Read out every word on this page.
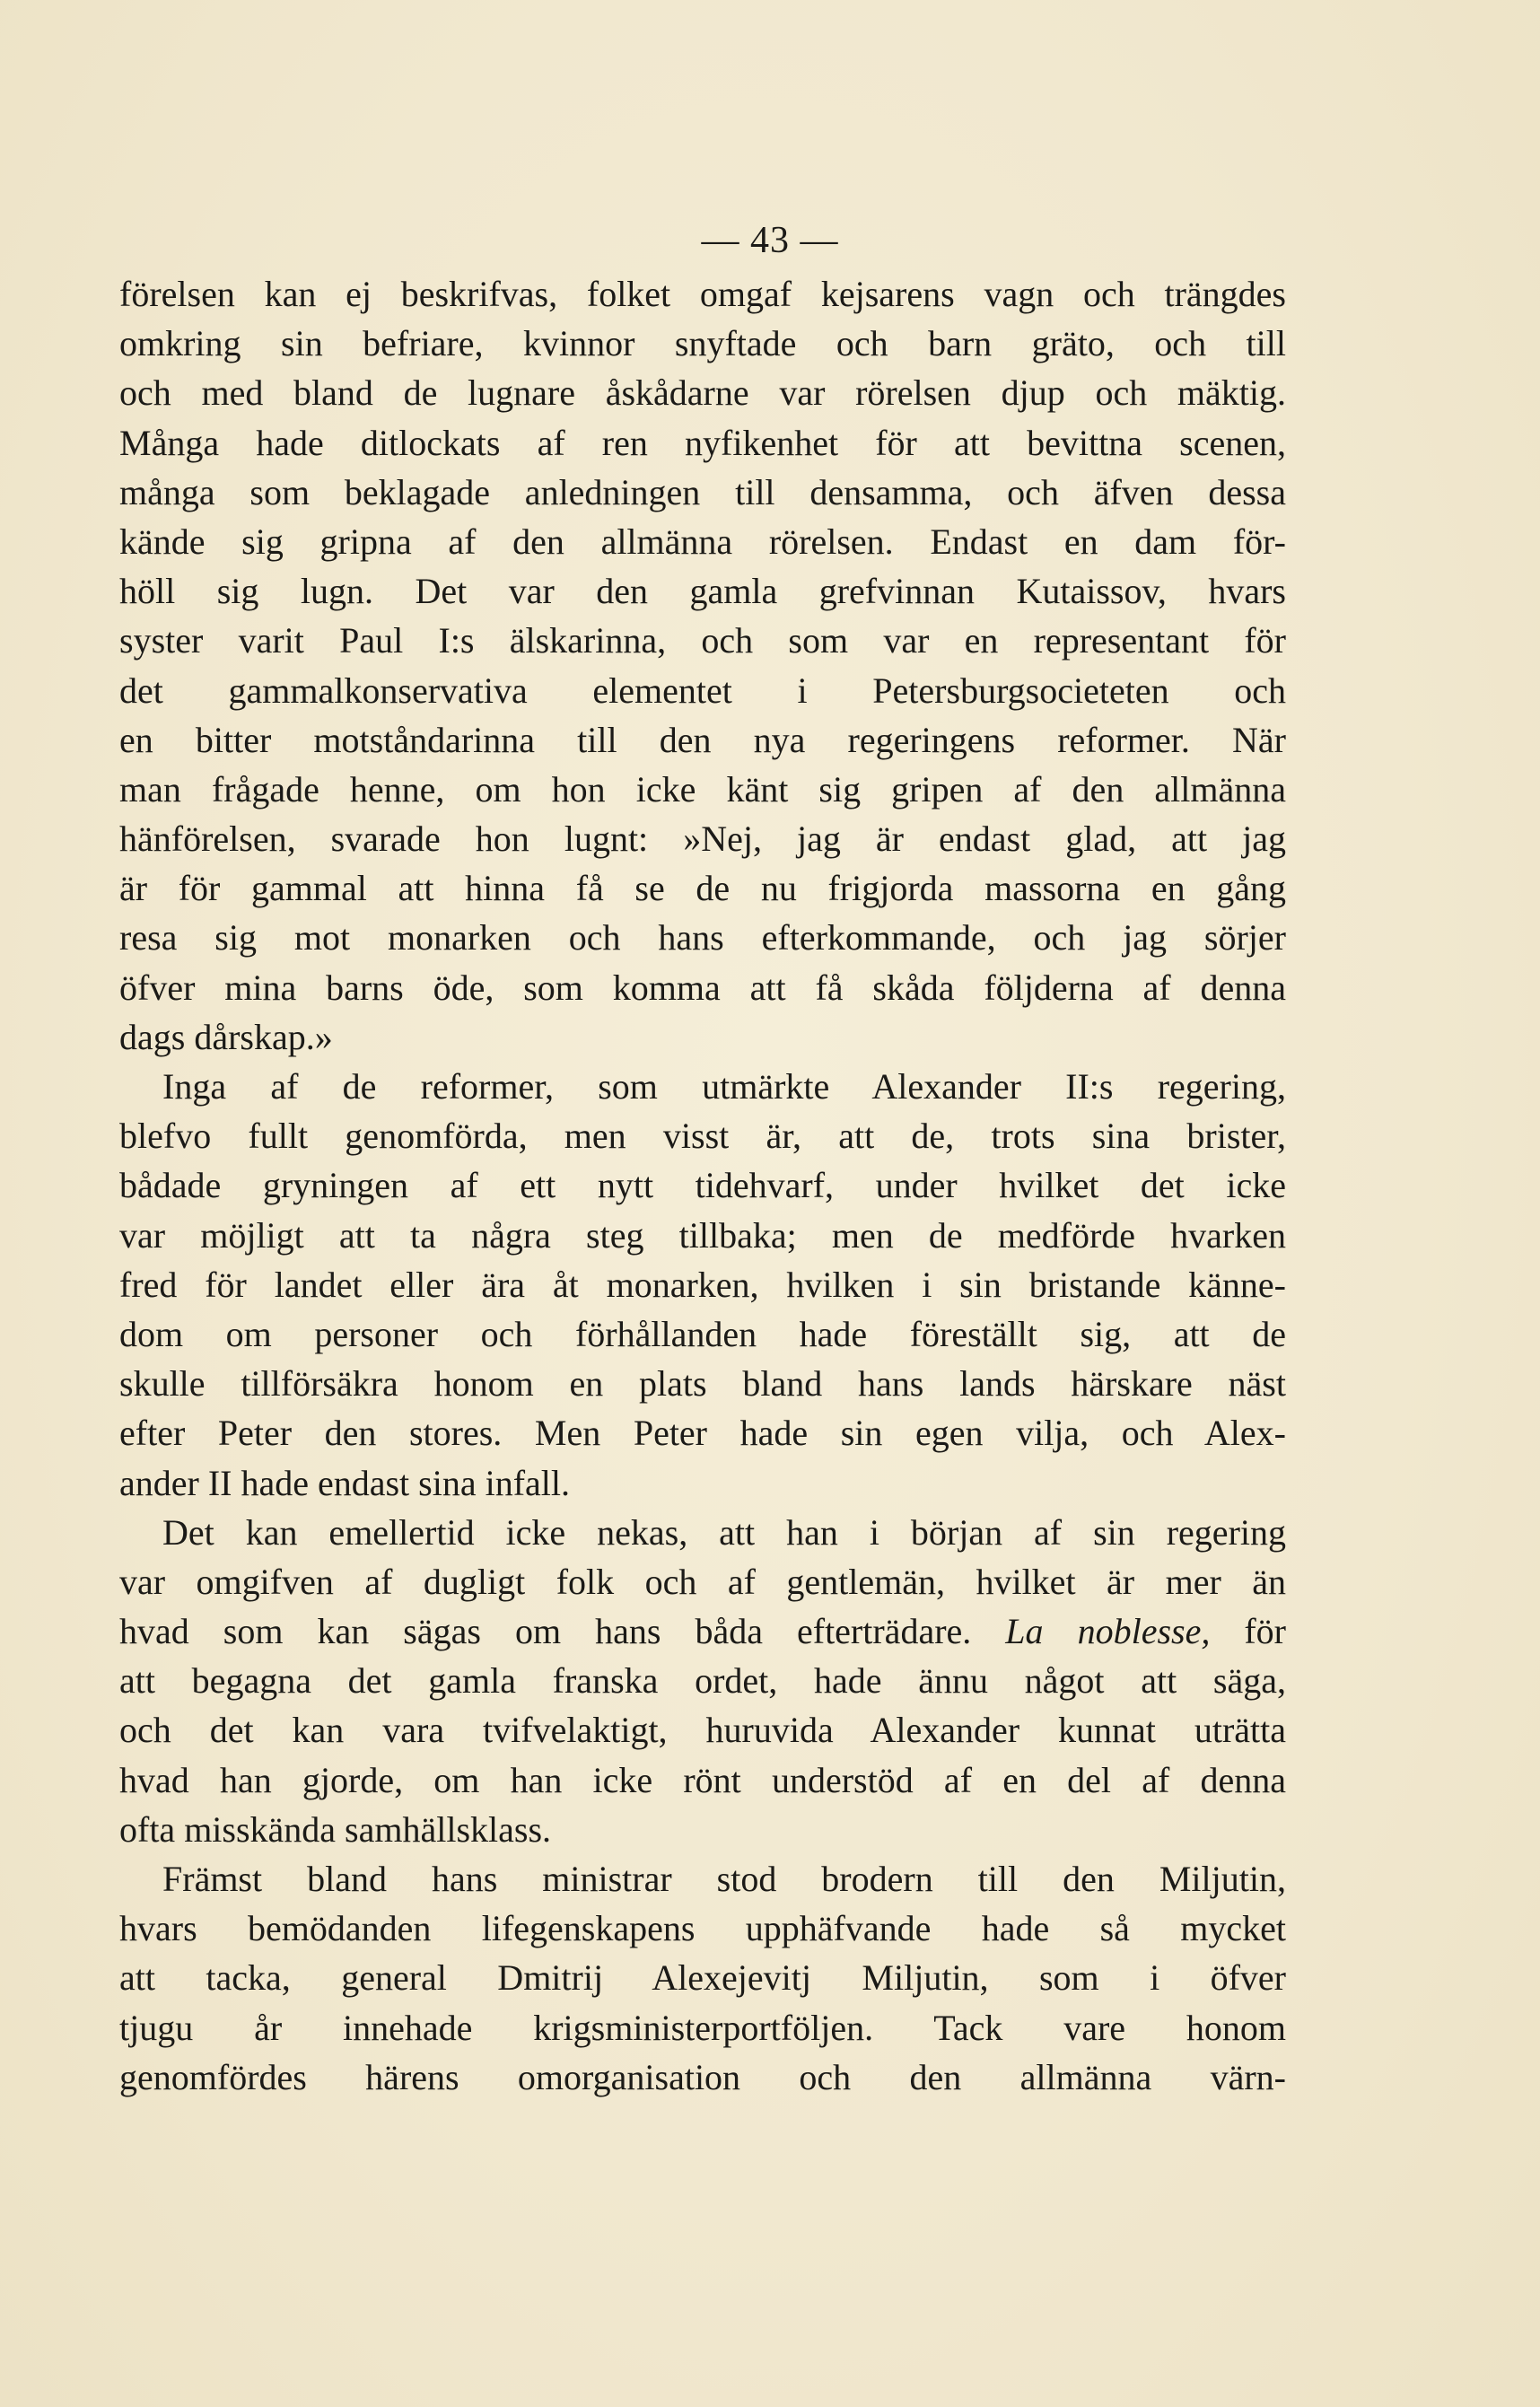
— 43 —
förelsen kan ej beskrifvas, folket omgaf kejsarens vagn och trängdes
omkring sin befriare, kvinnor snyftade och barn gräto, och till
och med bland de lugnare åskådarne var rörelsen djup och mäktig.
Många hade ditlockats af ren nyfikenhet för att bevittna scenen,
många som beklagade anledningen till densamma, och äfven dessa
kände sig gripna af den allmänna rörelsen. Endast en dam för-
höll sig lugn. Det var den gamla grefvinnan Kutaissov, hvars
syster varit Paul I:s älskarinna, och som var en representant för
det gammalkonservativa elementet i Petersburgsocieteten och
en bitter motståndarinna till den nya regeringens reformer. När
man frågade henne, om hon icke känt sig gripen af den allmänna
hänförelsen, svarade hon lugnt: »Nej, jag är endast glad, att jag
är för gammal att hinna få se de nu frigjorda massorna en gång
resa sig mot monarken och hans efterkommande, och jag sörjer
öfver mina barns öde, som komma att få skåda följderna af denna
dags dårskap.»
Inga af de reformer, som utmärkte Alexander II:s regering,
blefvo fullt genomförda, men visst är, att de, trots sina brister,
bådade gryningen af ett nytt tidehvarf, under hvilket det icke
var möjligt att ta några steg tillbaka; men de medförde hvarken
fred för landet eller ära åt monarken, hvilken i sin bristande känne-
dom om personer och förhållanden hade föreställt sig, att de
skulle tillförsäkra honom en plats bland hans lands härskare näst
efter Peter den stores. Men Peter hade sin egen vilja, och Alex-
ander II hade endast sina infall.
Det kan emellertid icke nekas, att han i början af sin regering
var omgifven af dugligt folk och af gentlemän, hvilket är mer än
hvad som kan sägas om hans båda efterträdare. La noblesse, för
att begagna det gamla franska ordet, hade ännu något att säga,
och det kan vara tvifvelaktigt, huruvida Alexander kunnat uträtta
hvad han gjorde, om han icke rönt understöd af en del af denna
ofta misskända samhällsklass.
Främst bland hans ministrar stod brodern till den Miljutin,
hvars bemödanden lifegenskapens upphäfvande hade så mycket
att tacka, general Dmitrij Alexejevitj Miljutin, som i öfver
tjugu år innehade krigsministerportföljen. Tack vare honom
genomfördes härens omorganisation och den allmänna värn-
